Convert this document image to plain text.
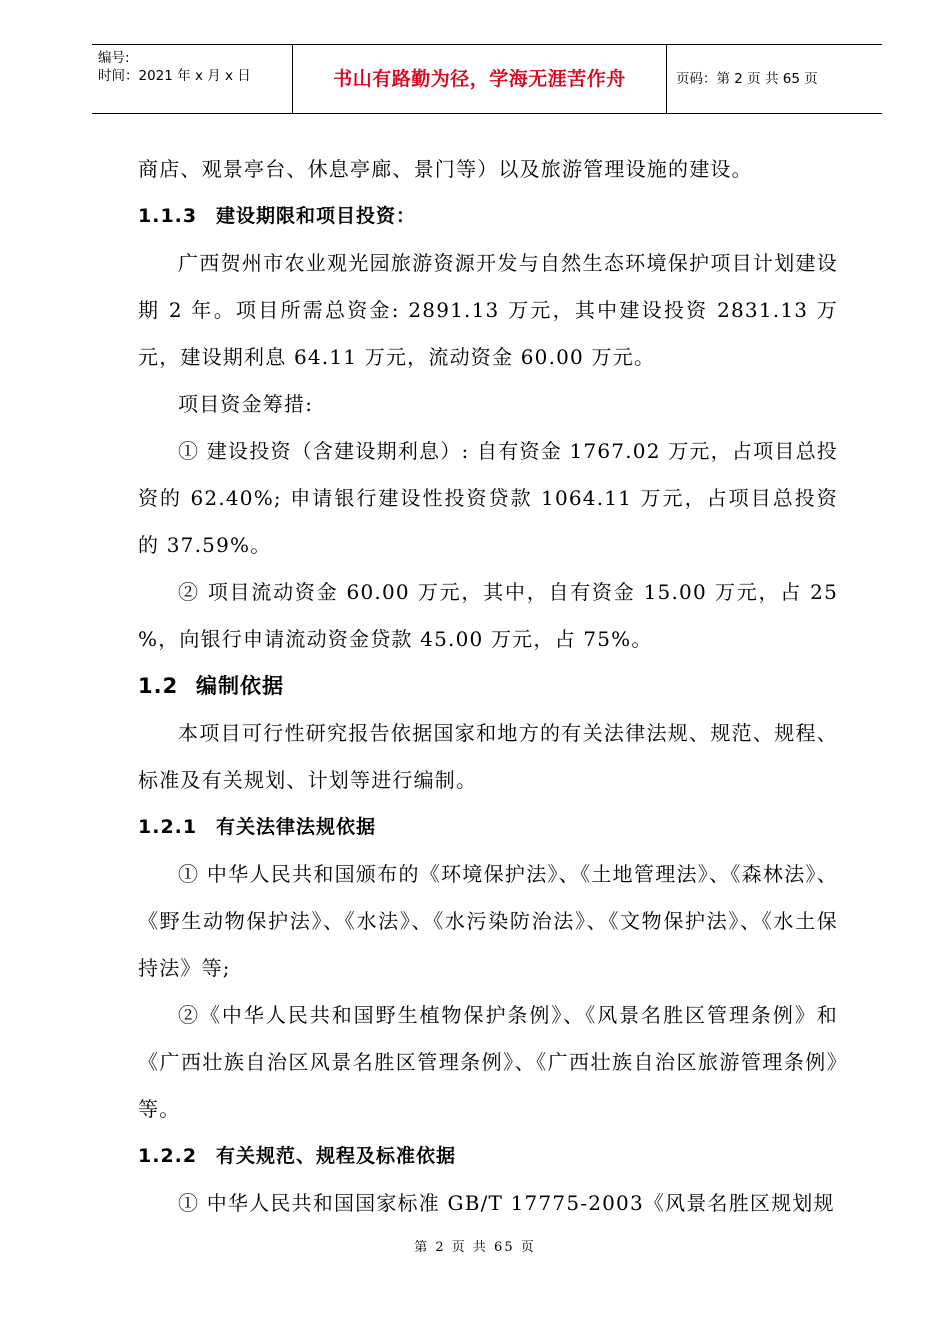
编号:
时间：2021 年 x 月 x 日	书山有路勤为径，学海无涯苦作舟	页码：第 2 页 共 65 页

商店、观景亭台、休息亭廊、景门等）以及旅游管理设施的建设。

1.1.3 建设期限和项目投资：

广西贺州市农业观光园旅游资源开发与自然生态环境保护项目计划建设期 2 年。项目所需总资金: 2891.13 万元，其中建设投资 2831.13 万元，建设期利息 64.11 万元，流动资金 60.00 万元。

项目资金筹措:

① 建设投资（含建设期利息）: 自有资金 1767.02 万元，占项目总投资的 62.40%; 申请银行建设性投资贷款 1064.11 万元，占项目总投资的 37.59%。

② 项目流动资金 60.00 万元，其中，自有资金 15.00 万元，占 25 %，向银行申请流动资金贷款 45.00 万元，占 75%。

1.2 编制依据

本项目可行性研究报告依据国家和地方的有关法律法规、规范、规程、标准及有关规划、计划等进行编制。

1.2.1 有关法律法规依据

① 中华人民共和国颁布的《环境保护法》、《土地管理法》、《森林法》、《野生动物保护法》、《水法》、《水污染防治法》、《文物保护法》、《水土保持法》等;

②《中华人民共和国野生植物保护条例》、《风景名胜区管理条例》和《广西壮族自治区风景名胜区管理条例》、《广西壮族自治区旅游管理条例》等。

1.2.2 有关规范、规程及标准依据

① 中华人民共和国国家标准 GB/T 17775-2003《风景名胜区规划规

第 2 页 共 65 页
